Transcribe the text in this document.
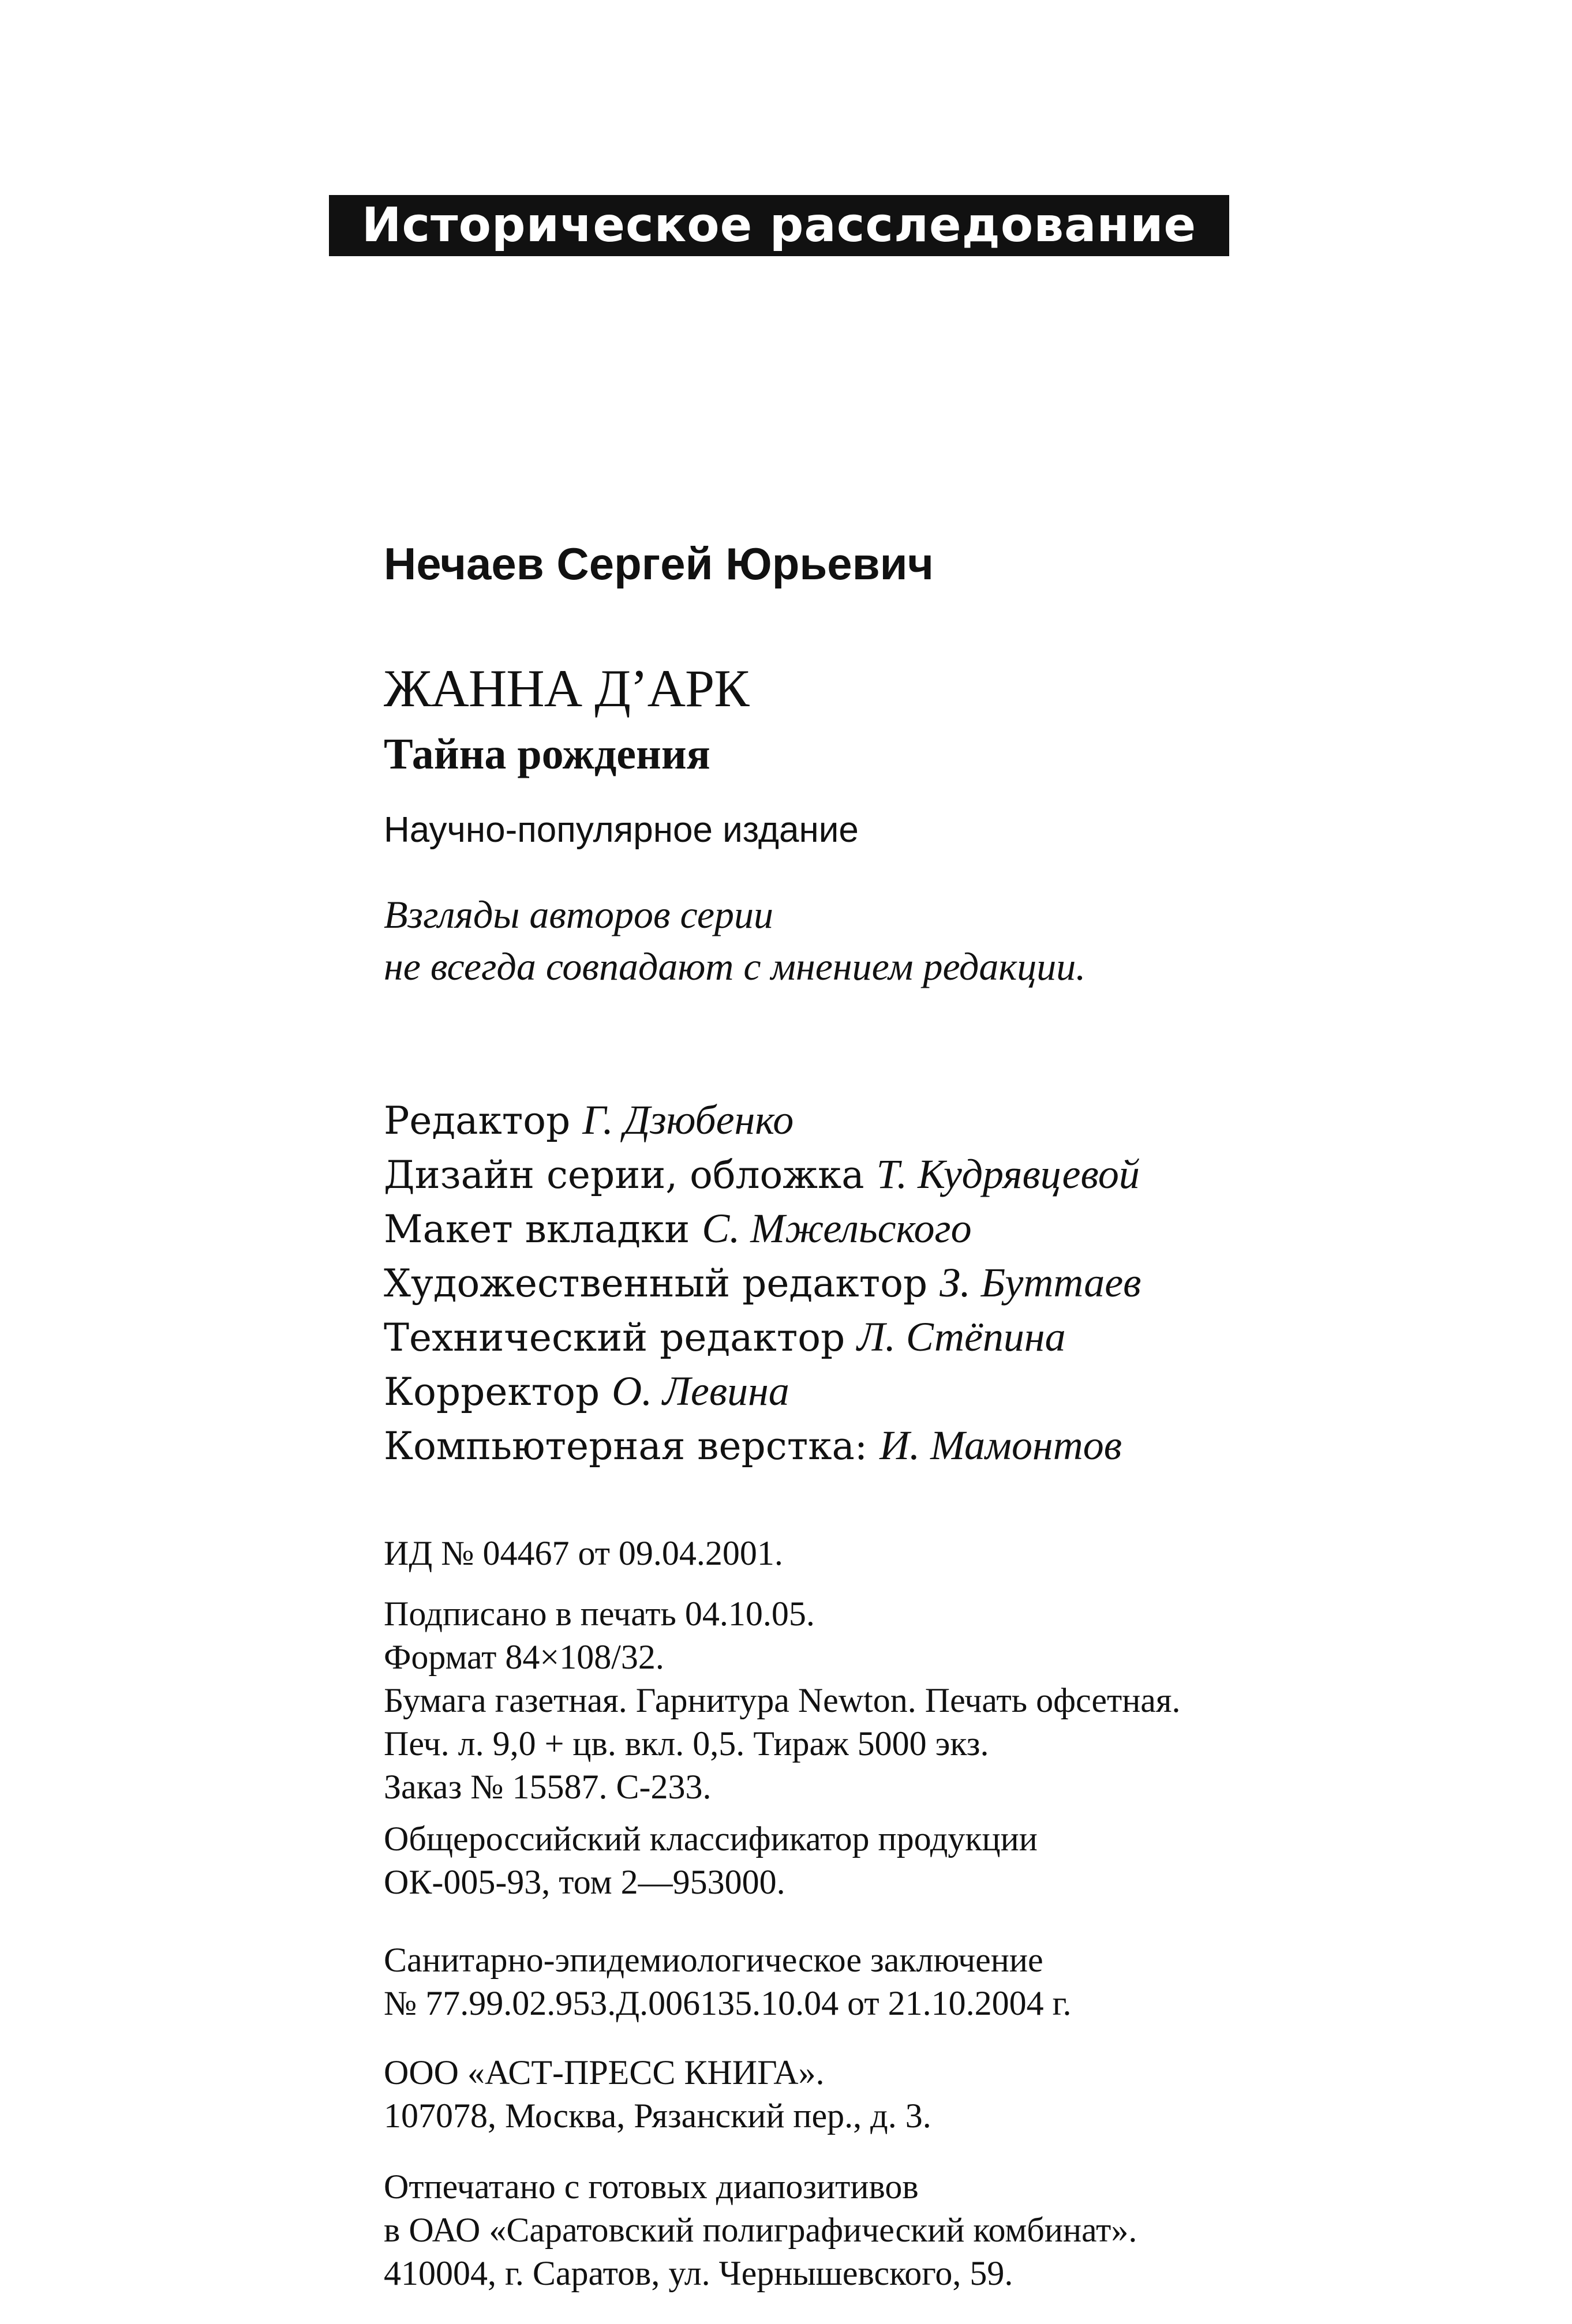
Историческое расследование
Нечаев Сергей Юрьевич
ЖАННА Д’АРК
Тайна рождения
Научно-популярное издание
Взгляды авторов серии
не всегда совпадают с мнением редакции.
Редактор Г. Дзюбенко
Дизайн серии, обложка Т. Кудрявцевой
Макет вкладки С. Мжельского
Художественный редактор З. Буттаев
Технический редактор Л. Стёпина
Корректор О. Левина
Компьютерная верстка: И. Мамонтов
ИД № 04467 от 09.04.2001.
Подписано в печать 04.10.05.
Формат 84×108/32.
Бумага газетная. Гарнитура Newton. Печать офсетная.
Печ. л. 9,0 + цв. вкл. 0,5. Тираж 5000 экз.
Заказ № 15587. С-233.
Общероссийский классификатор продукции
ОК-005-93, том 2—953000.
Санитарно-эпидемиологическое заключение
№ 77.99.02.953.Д.006135.10.04 от 21.10.2004 г.
ООО «АСТ-ПРЕСС КНИГА».
107078, Москва, Рязанский пер., д. 3.
Отпечатано с готовых диапозитивов
в ОАО «Саратовский полиграфический комбинат».
410004, г. Саратов, ул. Чернышевского, 59.
